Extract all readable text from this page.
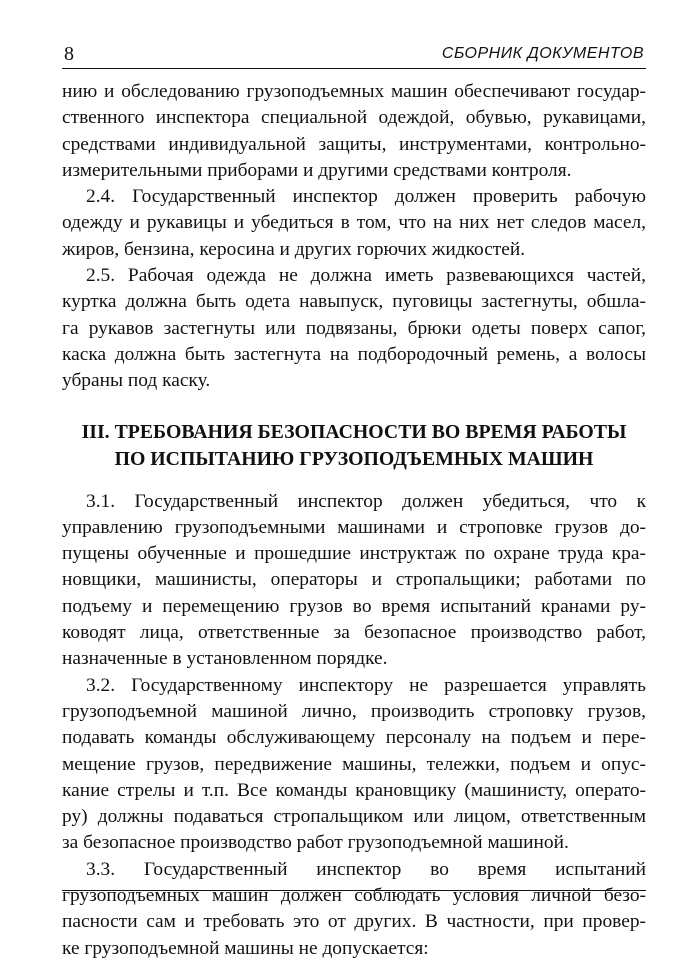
8	СБОРНИК ДОКУМЕНТОВ
нию и обследованию грузоподъемных машин обеспечивают государ-
ственного инспектора специальной одеждой, обувью, рукавицами,
средствами индивидуальной защиты, инструментами, контрольно-
измерительными приборами и другими средствами контроля.
2.4. Государственный инспектор должен проверить рабочую
одежду и рукавицы и убедиться в том, что на них нет следов масел,
жиров, бензина, керосина и других горючих жидкостей.
2.5. Рабочая одежда не должна иметь развевающихся частей,
куртка должна быть одета навыпуск, пуговицы застегнуты, обшла-
га рукавов застегнуты или подвязаны, брюки одеты поверх сапог,
каска должна быть застегнута на подбородочный ремень, а волосы
убраны под каску.
III. ТРЕБОВАНИЯ БЕЗОПАСНОСТИ ВО ВРЕМЯ РАБОТЫ
ПО ИСПЫТАНИЮ ГРУЗОПОДЪЕМНЫХ МАШИН
3.1. Государственный инспектор должен убедиться, что к
управлению грузоподъемными машинами и строповке грузов до-
пущены обученные и прошедшие инструктаж по охране труда кра-
новщики, машинисты, операторы и стропальщики; работами по
подъему и перемещению грузов во время испытаний кранами ру-
ководят лица, ответственные за безопасное производство работ,
назначенные в установленном порядке.
3.2. Государственному инспектору не разрешается управлять
грузоподъемной машиной лично, производить строповку грузов,
подавать команды обслуживающему персоналу на подъем и пере-
мещение грузов, передвижение машины, тележки, подъем и опус-
кание стрелы и т.п. Все команды крановщику (машинисту, операто-
ру) должны подаваться стропальщиком или лицом, ответственным
за безопасное производство работ грузоподъемной машиной.
3.3. Государственный инспектор во время испытаний
грузоподъемных машин должен соблюдать условия личной безо-
пасности сам и требовать это от других. В частности, при провер-
ке грузоподъемной машины не допускается:
